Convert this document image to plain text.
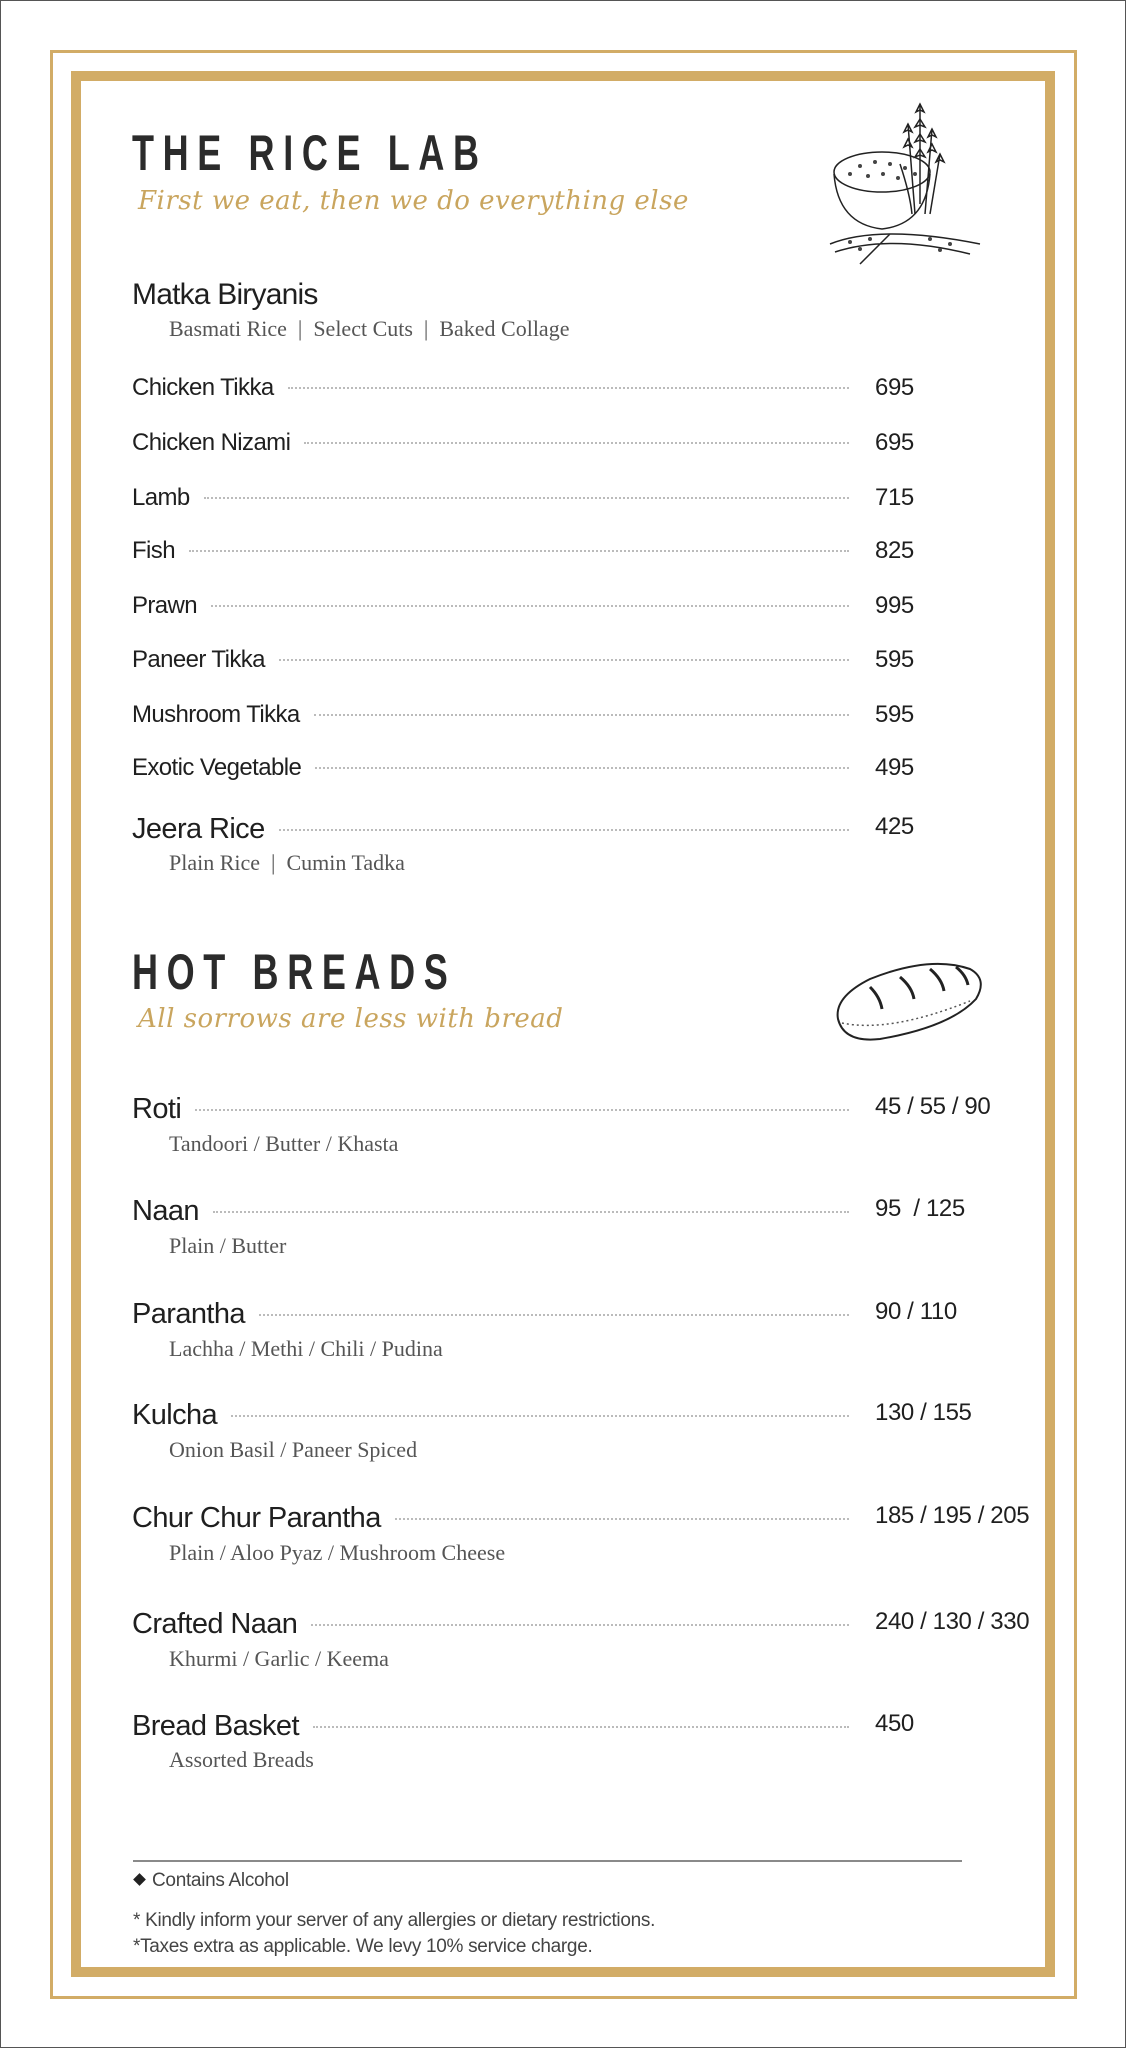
THE RICE LAB
First we eat, then we do everything else
Matka Biryanis
Basmati Rice  |  Select Cuts  |  Baked Collage
Chicken Tikka	695
Chicken Nizami	695
Lamb	715
Fish	825
Prawn	995
Paneer Tikka	595
Mushroom Tikka	595
Exotic Vegetable	495
Jeera Rice	425
Plain Rice  |  Cumin Tadka
HOT BREADS
All sorrows are less with bread
Roti	45 / 55 / 90
Tandoori / Butter / Khasta
Naan	95  / 125
Plain / Butter
Parantha	90 / 110
Lachha / Methi / Chili / Pudina
Kulcha	130 / 155
Onion Basil / Paneer Spiced
Chur Chur Parantha	185 / 195 / 205
Plain / Aloo Pyaz / Mushroom Cheese
Crafted Naan	240 / 130 / 330
Khurmi / Garlic / Keema
Bread Basket	450
Assorted Breads
Contains Alcohol
* Kindly inform your server of any allergies or dietary restrictions.
*Taxes extra as applicable. We levy 10% service charge.
